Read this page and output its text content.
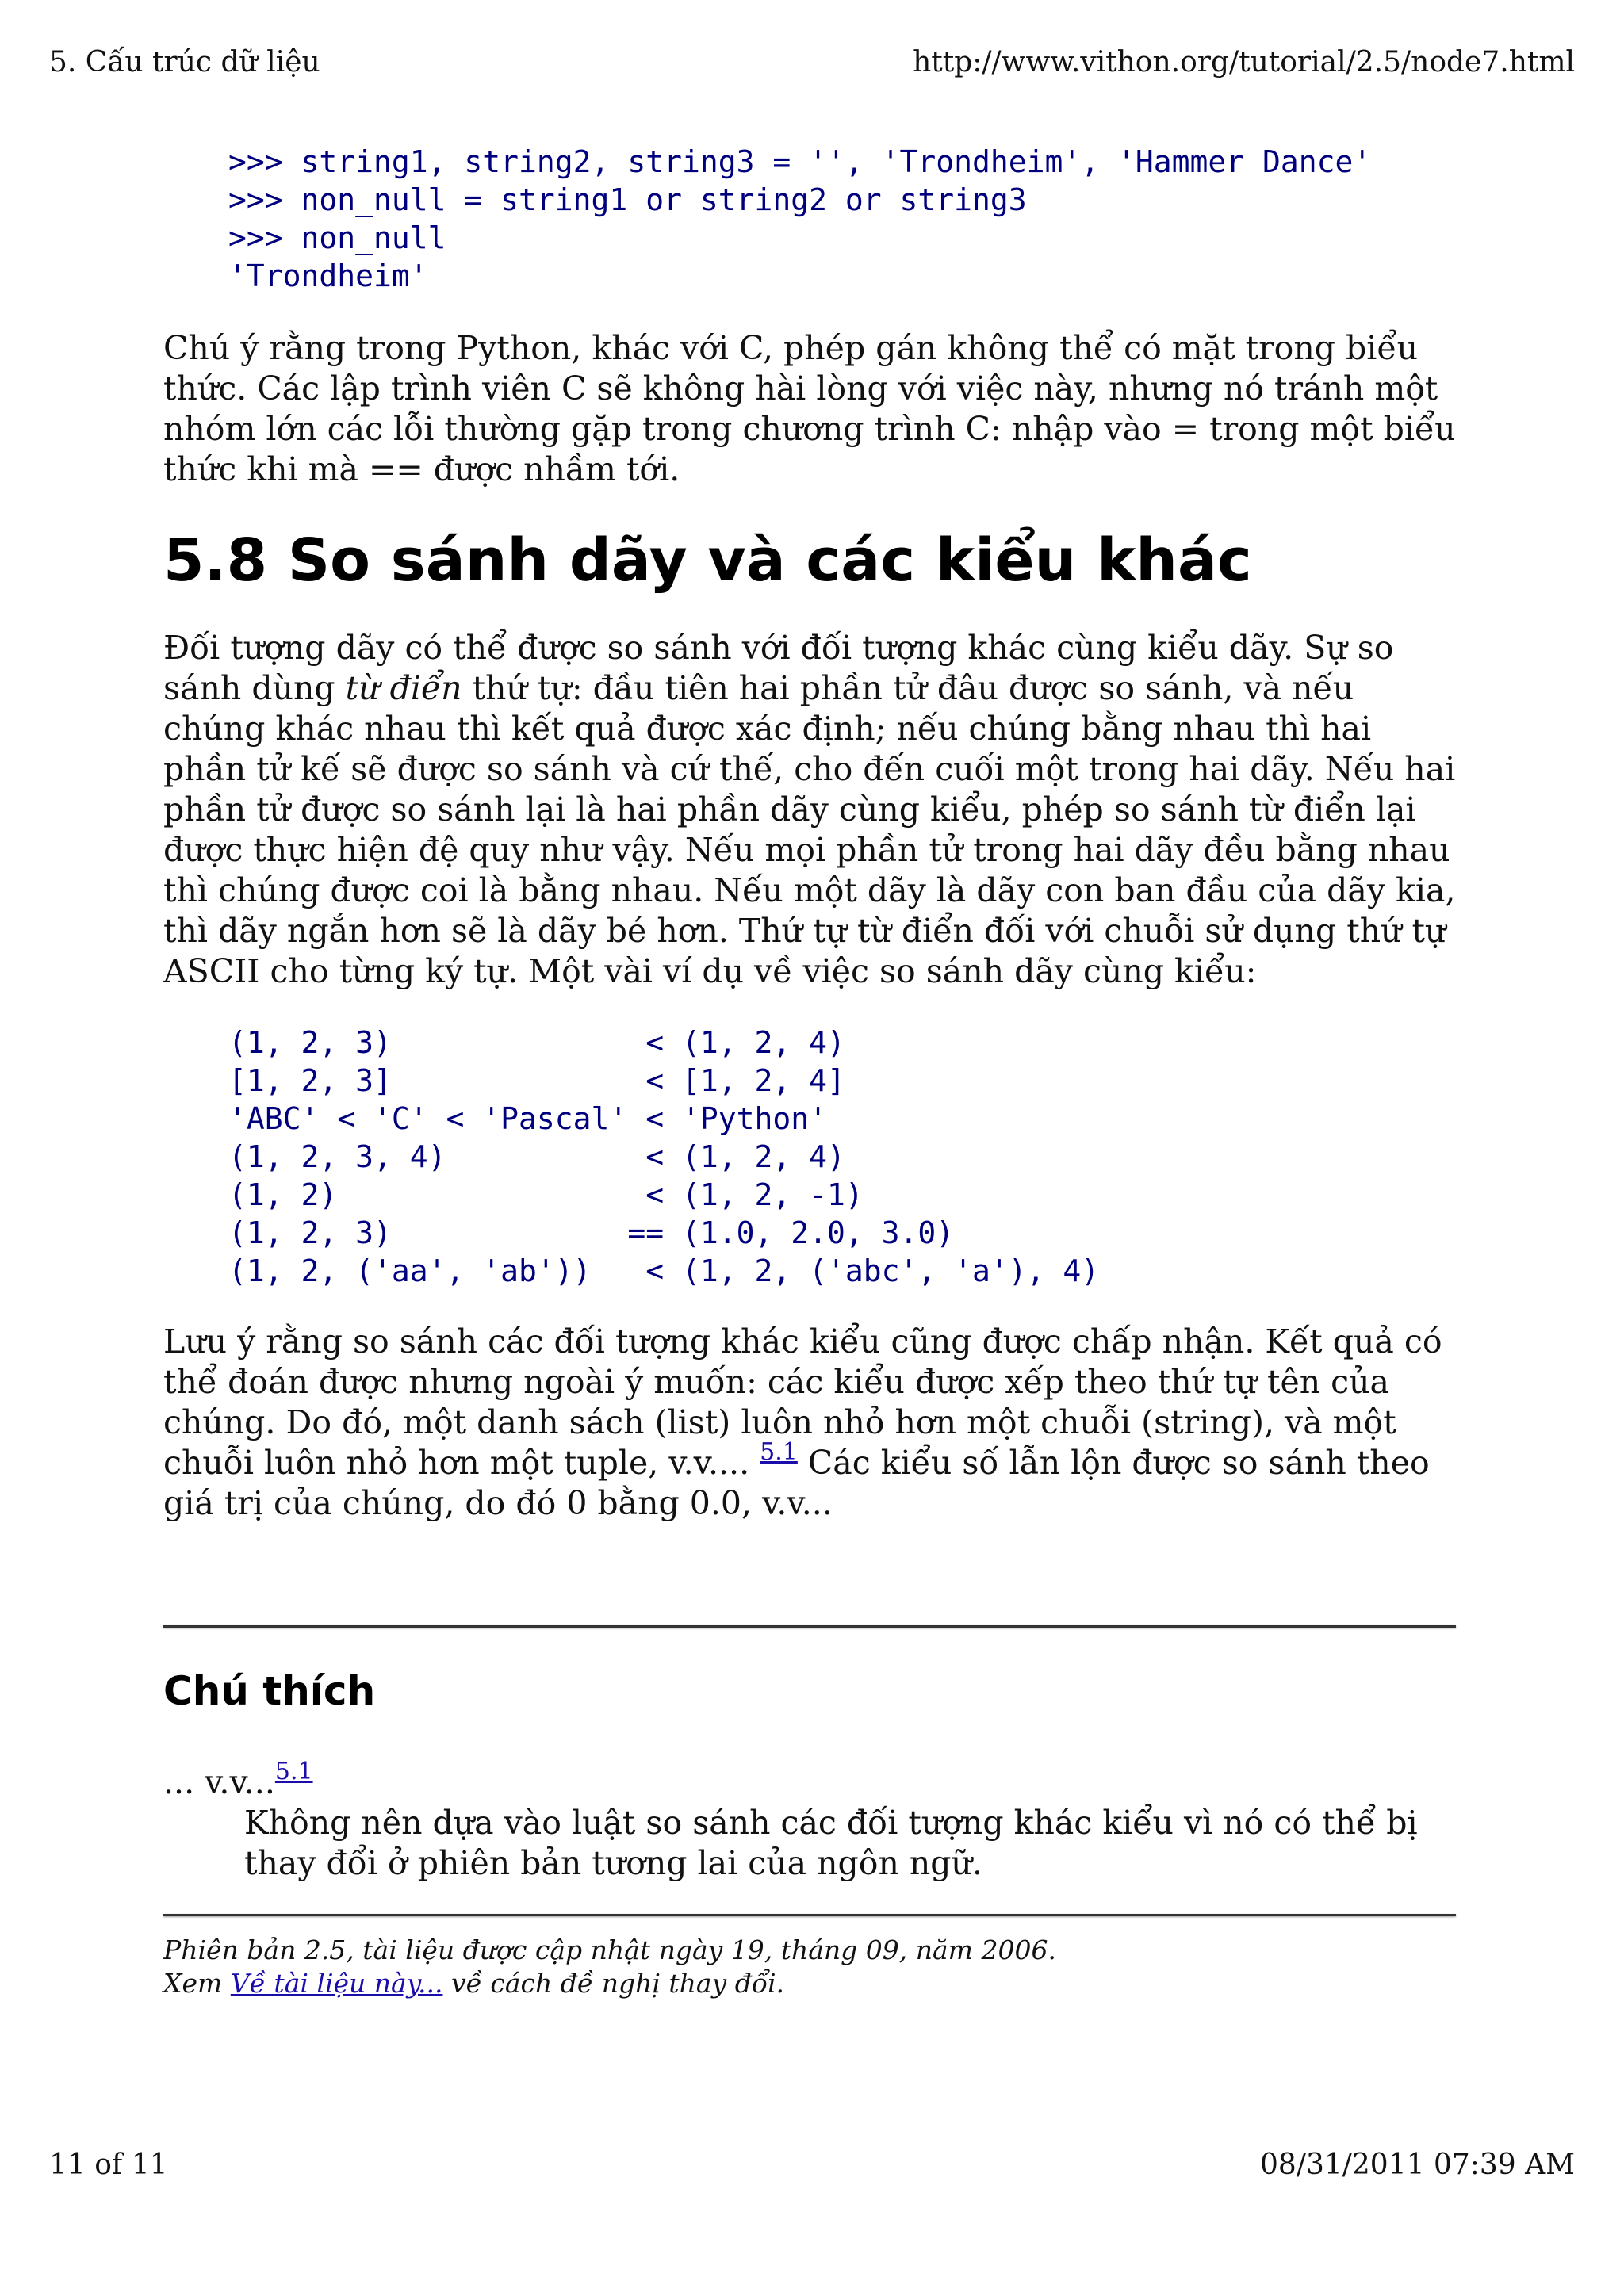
5. Cấu trúc dữ liệu	http://www.vithon.org/tutorial/2.5/node7.html
>>> string1, string2, string3 = '', 'Trondheim', 'Hammer Dance'
>>> non_null = string1 or string2 or string3
>>> non_null
'Trondheim'

Chú ý rằng trong Python, khác với C, phép gán không thể có mặt trong biểu thức. Các lập trình viên C sẽ không hài lòng với việc này, nhưng nó tránh một nhóm lớn các lỗi thường gặp trong chương trình C: nhập vào = trong một biểu thức khi mà == được nhầm tới.

5.8 So sánh dãy và các kiểu khác

Đối tượng dãy có thể được so sánh với đối tượng khác cùng kiểu dãy. Sự so sánh dùng từ điển thứ tự: đầu tiên hai phần tử đâu được so sánh, và nếu chúng khác nhau thì kết quả được xác định; nếu chúng bằng nhau thì hai phần tử kế sẽ được so sánh và cứ thế, cho đến cuối một trong hai dãy. Nếu hai phần tử được so sánh lại là hai phần dãy cùng kiểu, phép so sánh từ điển lại được thực hiện đệ quy như vậy. Nếu mọi phần tử trong hai dãy đều bằng nhau thì chúng được coi là bằng nhau. Nếu một dãy là dãy con ban đầu của dãy kia, thì dãy ngắn hơn sẽ là dãy bé hơn. Thứ tự từ điển đối với chuỗi sử dụng thứ tự ASCII cho từng ký tự. Một vài ví dụ về việc so sánh dãy cùng kiểu:

(1, 2, 3)              < (1, 2, 4)
[1, 2, 3]              < [1, 2, 4]
'ABC' < 'C' < 'Pascal' < 'Python'
(1, 2, 3, 4)           < (1, 2, 4)
(1, 2)                 < (1, 2, -1)
(1, 2, 3)             == (1.0, 2.0, 3.0)
(1, 2, ('aa', 'ab'))   < (1, 2, ('abc', 'a'), 4)

Lưu ý rằng so sánh các đối tượng khác kiểu cũng được chấp nhận. Kết quả có thể đoán được nhưng ngoài ý muốn: các kiểu được xếp theo thứ tự tên của chúng. Do đó, một danh sách (list) luôn nhỏ hơn một chuỗi (string), và một chuỗi luôn nhỏ hơn một tuple, v.v.... $^{5.1}$ Các kiểu số lẫn lộn được so sánh theo giá trị của chúng, do đó 0 bằng 0.0, v.v...

Chú thích
... v.v...$^{5.1}$
Không nên dựa vào luật so sánh các đối tượng khác kiểu vì nó có thể bị thay đổi ở phiên bản tương lai của ngôn ngữ.
Phiên bản 2.5, tài liệu được cập nhật ngày 19, tháng 09, năm 2006.
Xem Về tài liệu này... về cách đề nghị thay đổi.
11 of 11	08/31/2011 07:39 AM
